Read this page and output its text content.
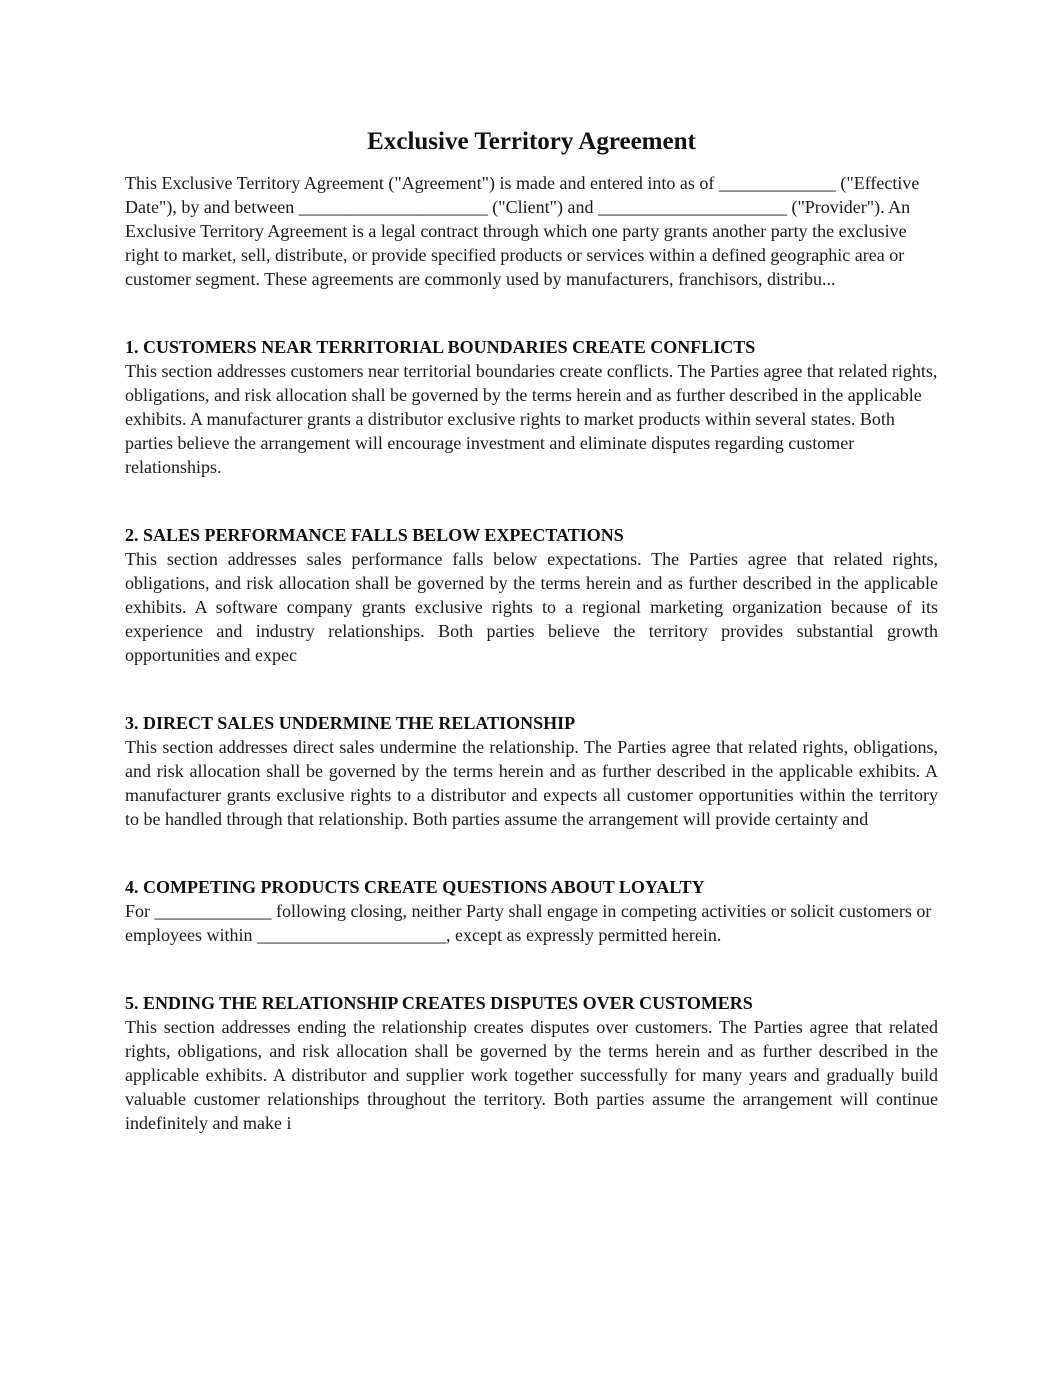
Exclusive Territory Agreement

This Exclusive Territory Agreement ("Agreement") is made and entered into as of _____________ ("Effective Date"), by and between _____________________ ("Client") and _____________________ ("Provider"). An Exclusive Territory Agreement is a legal contract through which one party grants another party the exclusive right to market, sell, distribute, or provide specified products or services within a defined geographic area or customer segment. These agreements are commonly used by manufacturers, franchisors, distribu...

1. CUSTOMERS NEAR TERRITORIAL BOUNDARIES CREATE CONFLICTS

This section addresses customers near territorial boundaries create conflicts. The Parties agree that related rights, obligations, and risk allocation shall be governed by the terms herein and as further described in the applicable exhibits. A manufacturer grants a distributor exclusive rights to market products within several states. Both parties believe the arrangement will encourage investment and eliminate disputes regarding customer relationships.

2. SALES PERFORMANCE FALLS BELOW EXPECTATIONS

This section addresses sales performance falls below expectations. The Parties agree that related rights, obligations, and risk allocation shall be governed by the terms herein and as further described in the applicable exhibits. A software company grants exclusive rights to a regional marketing organization because of its experience and industry relationships. Both parties believe the territory provides substantial growth opportunities and expec

3. DIRECT SALES UNDERMINE THE RELATIONSHIP

This section addresses direct sales undermine the relationship. The Parties agree that related rights, obligations, and risk allocation shall be governed by the terms herein and as further described in the applicable exhibits. A manufacturer grants exclusive rights to a distributor and expects all customer opportunities within the territory to be handled through that relationship. Both parties assume the arrangement will provide certainty and

4. COMPETING PRODUCTS CREATE QUESTIONS ABOUT LOYALTY

For _____________ following closing, neither Party shall engage in competing activities or solicit customers or employees within _____________________, except as expressly permitted herein.

5. ENDING THE RELATIONSHIP CREATES DISPUTES OVER CUSTOMERS

This section addresses ending the relationship creates disputes over customers. The Parties agree that related rights, obligations, and risk allocation shall be governed by the terms herein and as further described in the applicable exhibits. A distributor and supplier work together successfully for many years and gradually build valuable customer relationships throughout the territory. Both parties assume the arrangement will continue indefinitely and make i
